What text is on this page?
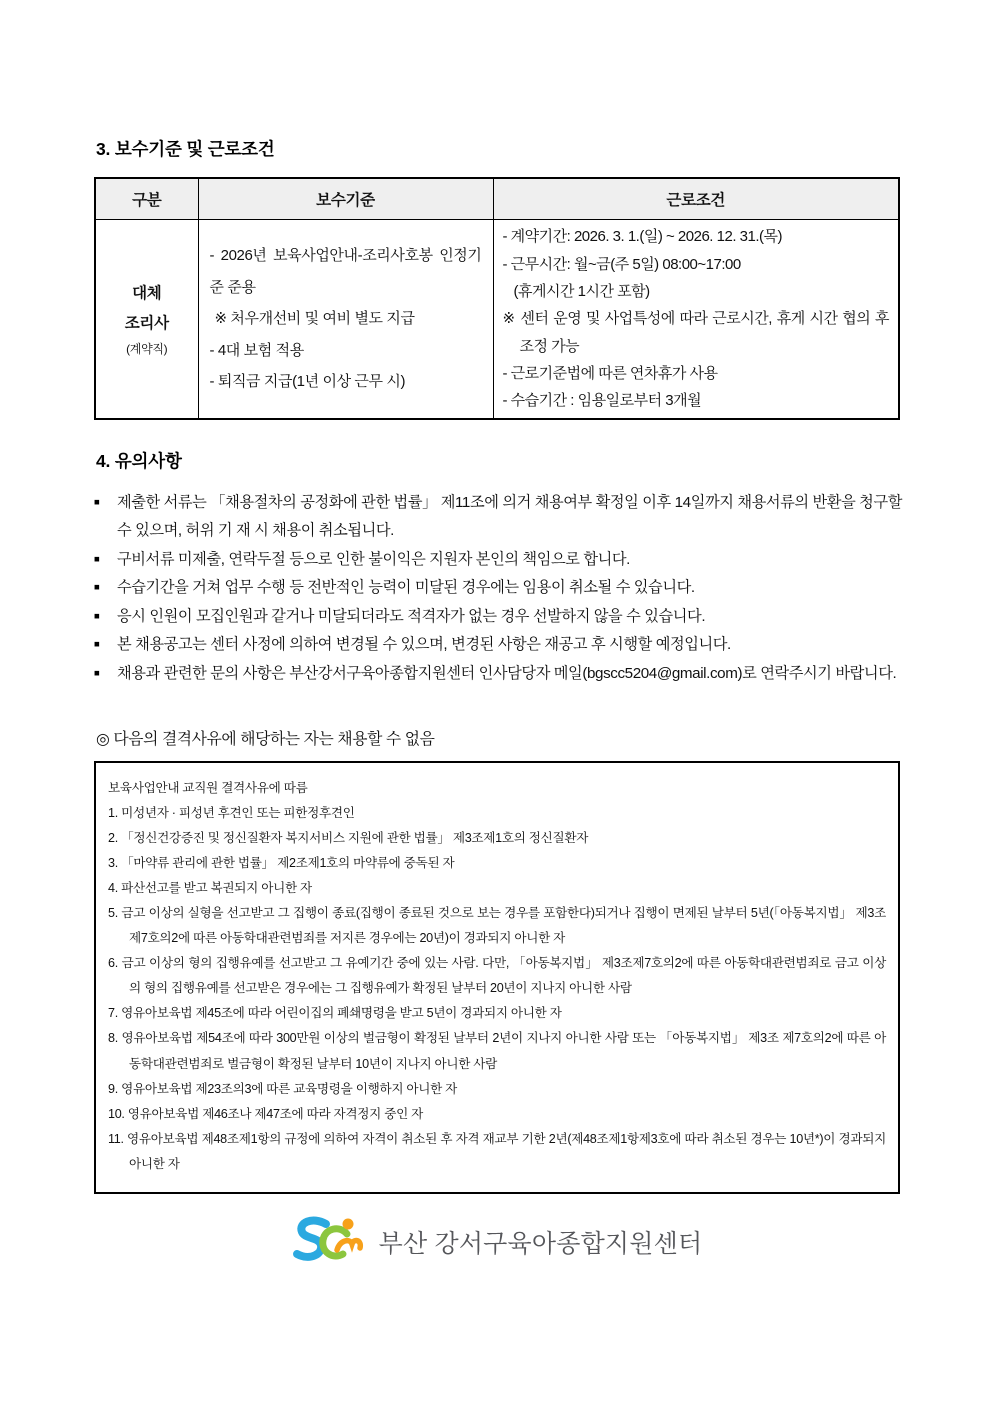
3. 보수기준 및 근로조건
구분	보수기준	근로조건

대체
조리사
(계약직)

- 2026년 보육사업안내-조리사호봉 인정기준 준용
※ 처우개선비 및 여비 별도 지급
- 4대 보험 적용
- 퇴직금 지급(1년 이상 근무 시)

- 계약기간: 2026. 3. 1.(일) ~ 2026. 12. 31.(목)
- 근무시간: 월~금(주 5일) 08:00~17:00
(휴게시간 1시간 포함)
※ 센터 운영 및 사업특성에 따라 근로시간, 휴게 시간 협의 후 조정 가능
- 근로기준법에 따른 연차휴가 사용
- 수습기간 : 임용일로부터 3개월
4. 유의사항
■	제출한 서류는 「채용절차의 공정화에 관한 법률」 제11조에 의거 채용여부 확정일 이후 14일까지 채용서류의 반환을 청구할 수 있으며, 허위 기 재 시 채용이 취소됩니다.
■	구비서류 미제출, 연락두절 등으로 인한 불이익은 지원자 본인의 책임으로 합니다.
■	수습기간을 거쳐 업무 수행 등 전반적인 능력이 미달된 경우에는 임용이 취소될 수 있습니다.
■	응시 인원이 모집인원과 같거나 미달되더라도 적격자가 없는 경우 선발하지 않을 수 있습니다.
■	본 채용공고는 센터 사정에 의하여 변경될 수 있으며, 변경된 사항은 재공고 후 시행할 예정입니다.
■	채용과 관련한 문의 사항은 부산강서구육아종합지원센터 인사담당자 메일(bgscc5204@gmail.com)로 연락주시기 바랍니다.
◎ 다음의 결격사유에 해당하는 자는 채용할 수 없음
보육사업안내 교직원 결격사유에 따름
1. 미성년자 · 피성년 후견인 또는 피한정후견인
2. 「정신건강증진 및 정신질환자 복지서비스 지원에 관한 법률」 제3조제1호의 정신질환자
3. 「마약류 관리에 관한 법률」 제2조제1호의 마약류에 중독된 자
4. 파산선고를 받고 복권되지 아니한 자
5. 금고 이상의 실형을 선고받고 그 집행이 종료(집행이 종료된 것으로 보는 경우를 포함한다)되거나 집행이 면제된 날부터 5년(「아동복지법」 제3조제7호의2에 따른 아동학대관련범죄를 저지른 경우에는 20년)이 경과되지 아니한 자
6. 금고 이상의 형의 집행유예를 선고받고 그 유예기간 중에 있는 사람. 다만, 「아동복지법」 제3조제7호의2에 따른 아동학대관련범죄로 금고 이상의 형의 집행유예를 선고받은 경우에는 그 집행유예가 확정된 날부터 20년이 지나지 아니한 사람
7. 영유아보육법 제45조에 따라 어린이집의 폐쇄명령을 받고 5년이 경과되지 아니한 자
8. 영유아보육법 제54조에 따라 300만원 이상의 벌금형이 확정된 날부터 2년이 지나지 아니한 사람 또는 「아동복지법」 제3조 제7호의2에 따른 아동학대관련범죄로 벌금형이 확정된 날부터 10년이 지나지 아니한 사람
9. 영유아보육법 제23조의3에 따른 교육명령을 이행하지 아니한 자
10. 영유아보육법 제46조나 제47조에 따라 자격정지 중인 자
11. 영유아보육법 제48조제1항의 규정에 의하여 자격이 취소된 후 자격 재교부 기한 2년(제48조제1항제3호에 따라 취소된 경우는 10년*)이 경과되지 아니한 자
부산 강서구육아종합지원센터
